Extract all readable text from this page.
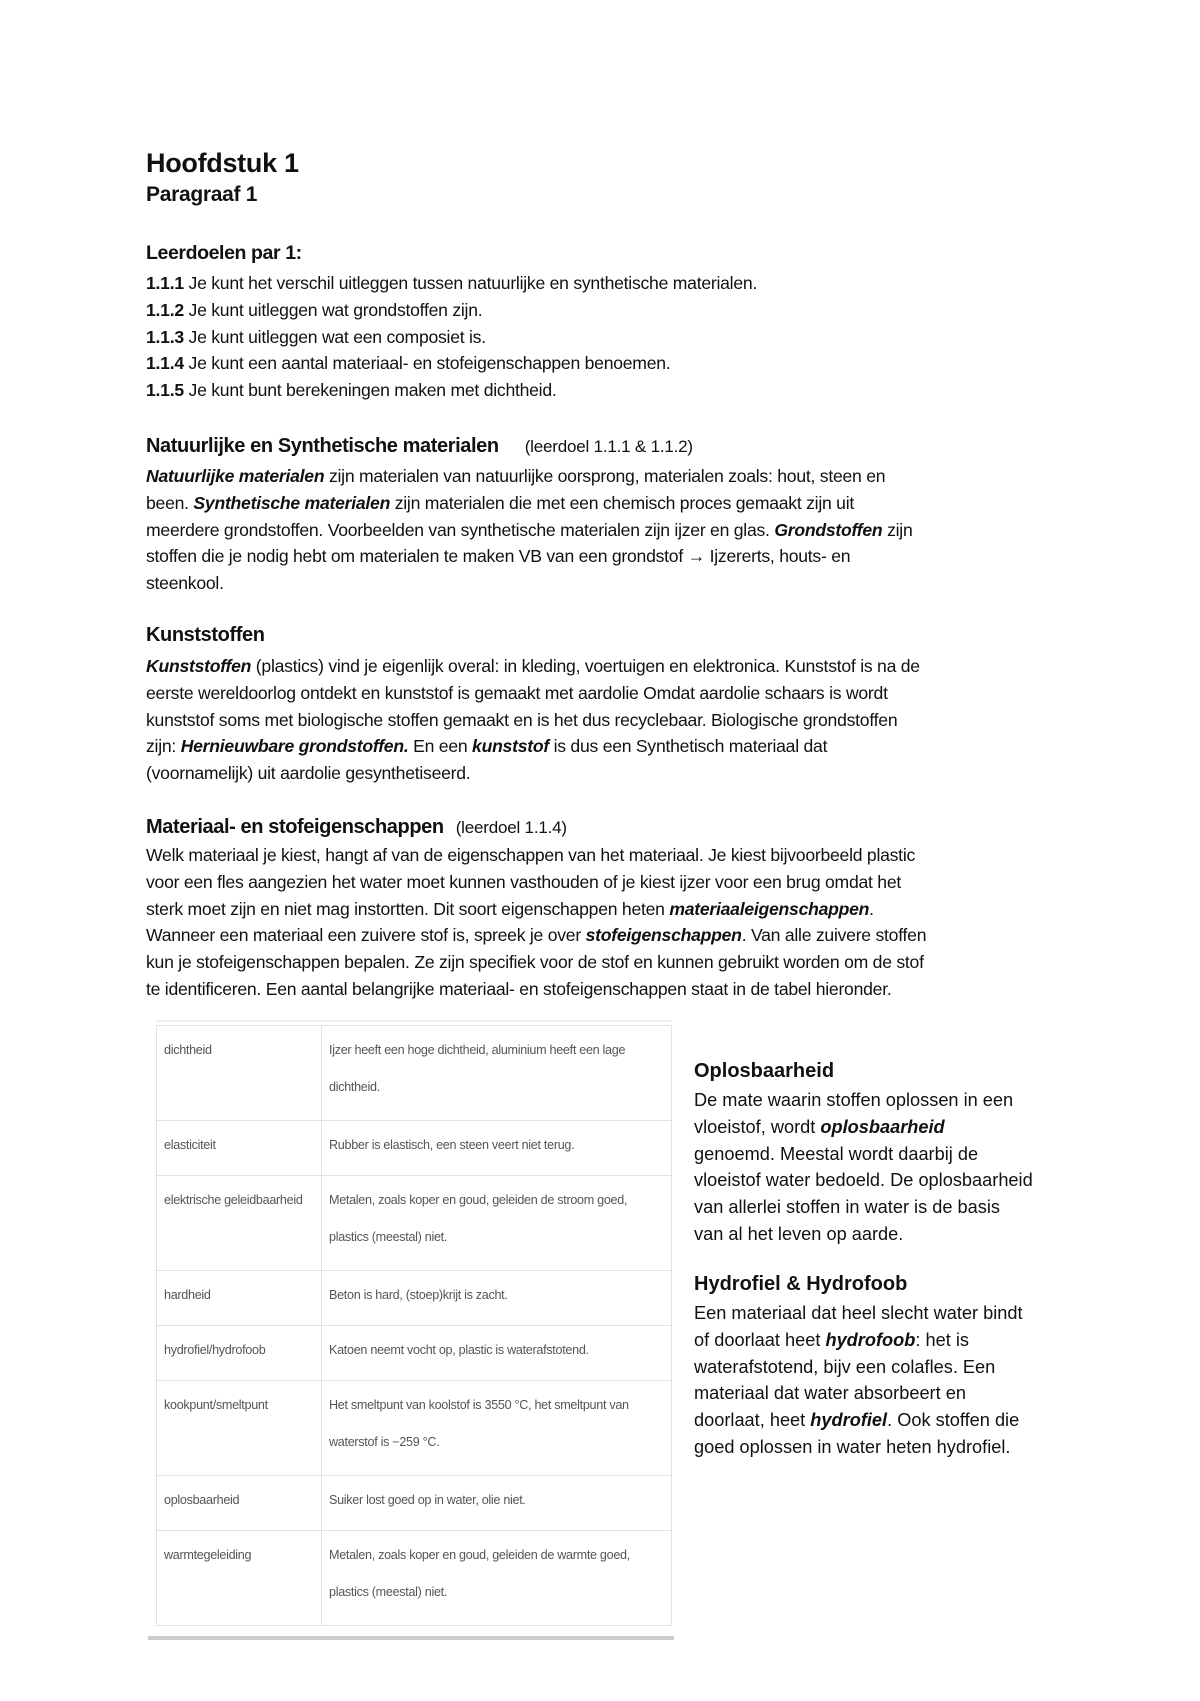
Hoofdstuk 1
Paragraaf 1
Leerdoelen par 1:
1.1.1 Je kunt het verschil uitleggen tussen natuurlijke en synthetische materialen.
1.1.2 Je kunt uitleggen wat grondstoffen zijn.
1.1.3 Je kunt uitleggen wat een composiet is.
1.1.4 Je kunt een aantal materiaal- en stofeigenschappen benoemen.
1.1.5 Je kunt bunt berekeningen maken met dichtheid.
Natuurlijke en Synthetische materialen (leerdoel 1.1.1 & 1.1.2)
Natuurlijke materialen zijn materialen van natuurlijke oorsprong, materialen zoals: hout, steen en
been. Synthetische materialen zijn materialen die met een chemisch proces gemaakt zijn uit
meerdere grondstoffen. Voorbeelden van synthetische materialen zijn ijzer en glas. Grondstoffen zijn
stoffen die je nodig hebt om materialen te maken VB van een grondstof → Ijzererts, houts- en
steenkool.
Kunststoffen
Kunststoffen (plastics) vind je eigenlijk overal: in kleding, voertuigen en elektronica. Kunststof is na de
eerste wereldoorlog ontdekt en kunststof is gemaakt met aardolie Omdat aardolie schaars is wordt
kunststof soms met biologische stoffen gemaakt en is het dus recyclebaar. Biologische grondstoffen
zijn: Hernieuwbare grondstoffen. En een kunststof is dus een Synthetisch materiaal dat
(voornamelijk) uit aardolie gesynthetiseerd.
Materiaal- en stofeigenschappen (leerdoel 1.1.4)
Welk materiaal je kiest, hangt af van de eigenschappen van het materiaal. Je kiest bijvoorbeeld plastic
voor een fles aangezien het water moet kunnen vasthouden of je kiest ijzer voor een brug omdat het
sterk moet zijn en niet mag instortten. Dit soort eigenschappen heten materiaaleigenschappen.
Wanneer een materiaal een zuivere stof is, spreek je over stofeigenschappen. Van alle zuivere stoffen
kun je stofeigenschappen bepalen. Ze zijn specifiek voor de stof en kunnen gebruikt worden om de stof
te identificeren. Een aantal belangrijke materiaal- en stofeigenschappen staat in de tabel hieronder.

dichtheid	Ijzer heeft een hoge dichtheid, aluminium heeft een lage

dichtheid.

elasticiteit	Rubber is elastisch, een steen veert niet terug.

elektrische geleidbaarheid	Metalen, zoals koper en goud, geleiden de stroom goed,

plastics (meestal) niet.

hardheid	Beton is hard, (stoep)krijt is zacht.

hydrofiel/hydrofoob	Katoen neemt vocht op, plastic is waterafstotend.

kookpunt/smeltpunt	Het smeltpunt van koolstof is 3550 °C, het smeltpunt van

waterstof is −259 °C.

oplosbaarheid	Suiker lost goed op in water, olie niet.

warmtegeleiding	Metalen, zoals koper en goud, geleiden de warmte goed,

plastics (meestal) niet.

Oplosbaarheid
De mate waarin stoffen oplossen in een
vloeistof, wordt oplosbaarheid
genoemd. Meestal wordt daarbij de
vloeistof water bedoeld. De oplosbaarheid
van allerlei stoffen in water is de basis
van al het leven op aarde.
Hydrofiel & Hydrofoob
Een materiaal dat heel slecht water bindt
of doorlaat heet hydrofoob: het is
waterafstotend, bijv een colafles. Een
materiaal dat water absorbeert en
doorlaat, heet hydrofiel. Ook stoffen die
goed oplossen in water heten hydrofiel.
